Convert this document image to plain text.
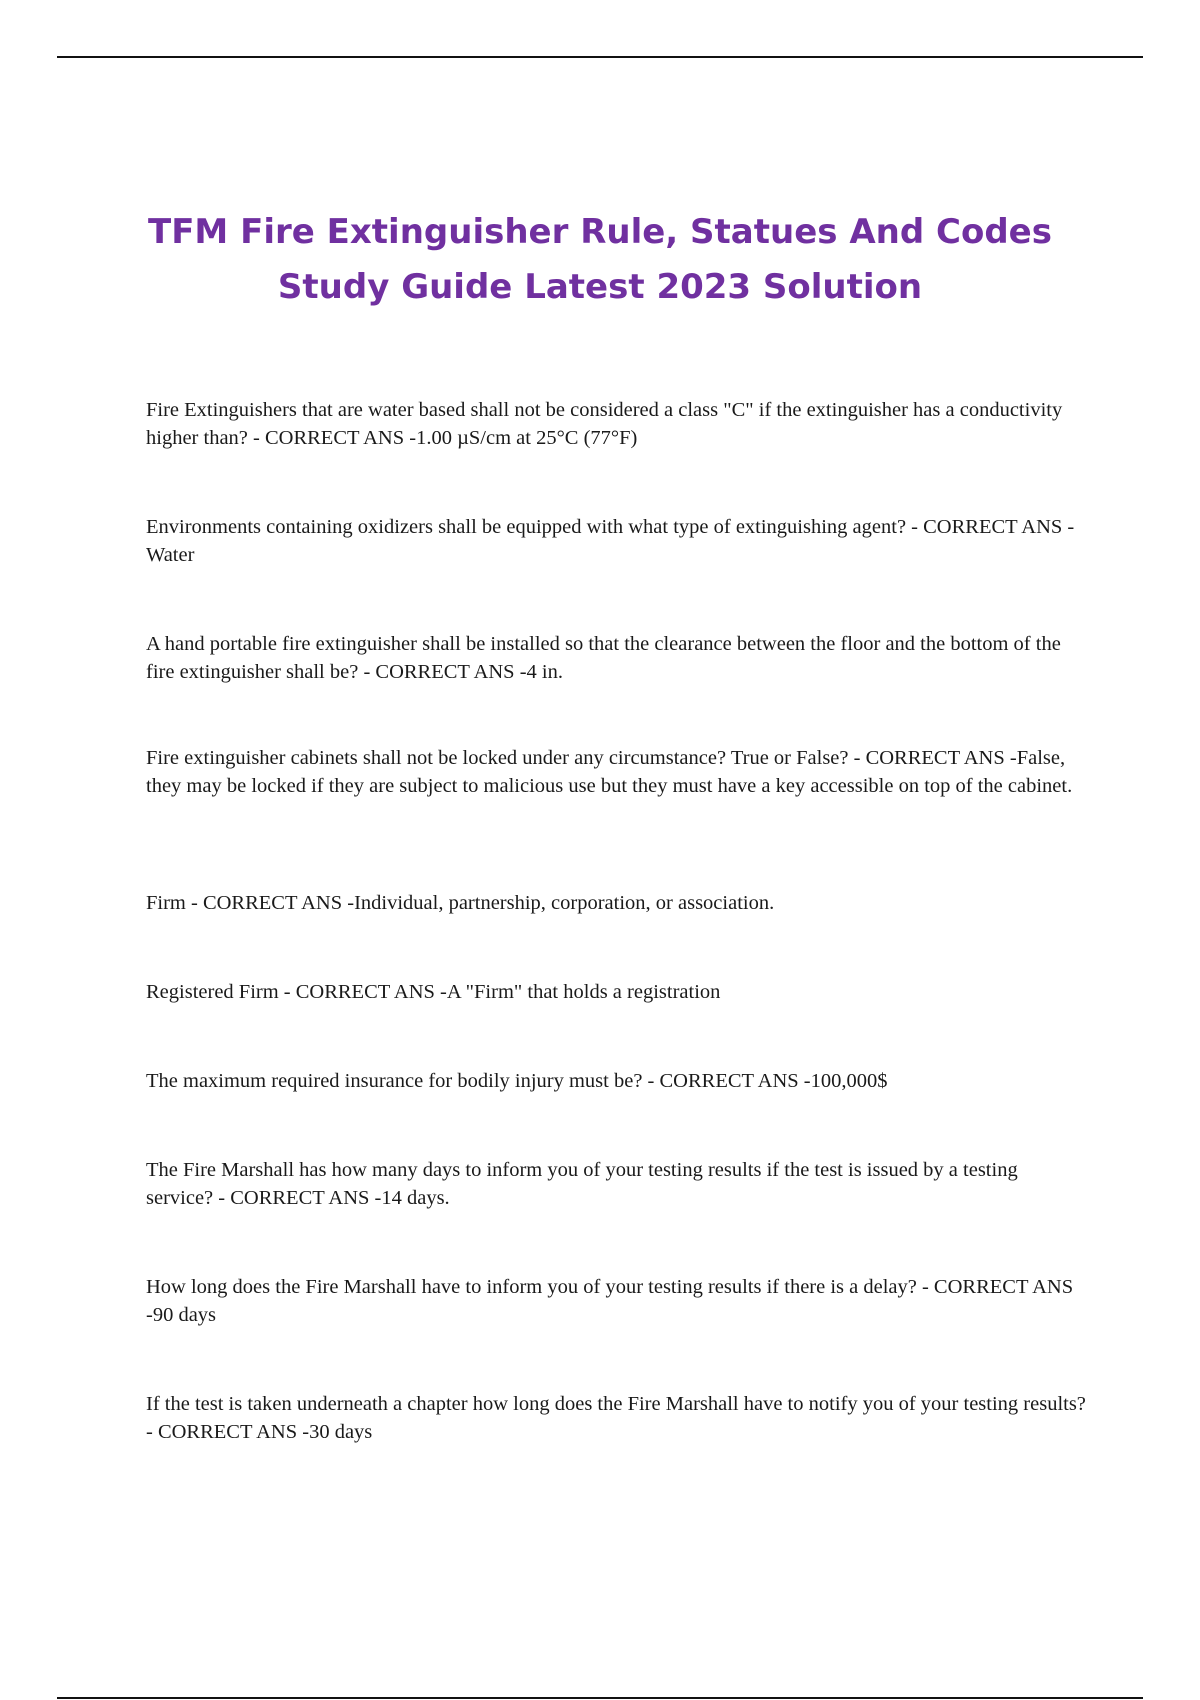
TFM Fire Extinguisher Rule, Statues And Codes
Study Guide Latest 2023 Solution

Fire Extinguishers that are water based shall not be considered a class "C" if the extinguisher has a conductivity higher than? - CORRECT ANS -1.00 µS/cm at 25°C (77°F)

Environments containing oxidizers shall be equipped with what type of extinguishing agent? - CORRECT ANS -Water

A hand portable fire extinguisher shall be installed so that the clearance between the floor and the bottom of the fire extinguisher shall be? - CORRECT ANS -4 in.

Fire extinguisher cabinets shall not be locked under any circumstance? True or False? - CORRECT ANS -False, they may be locked if they are subject to malicious use but they must have a key accessible on top of the cabinet.

Firm - CORRECT ANS -Individual, partnership, corporation, or association.

Registered Firm - CORRECT ANS -A "Firm" that holds a registration

The maximum required insurance for bodily injury must be? - CORRECT ANS -100,000$

The Fire Marshall has how many days to inform you of your testing results if the test is issued by a testing service? - CORRECT ANS -14 days.

How long does the Fire Marshall have to inform you of your testing results if there is a delay? - CORRECT ANS -90 days

If the test is taken underneath a chapter how long does the Fire Marshall have to notify you of your testing results? - CORRECT ANS -30 days
